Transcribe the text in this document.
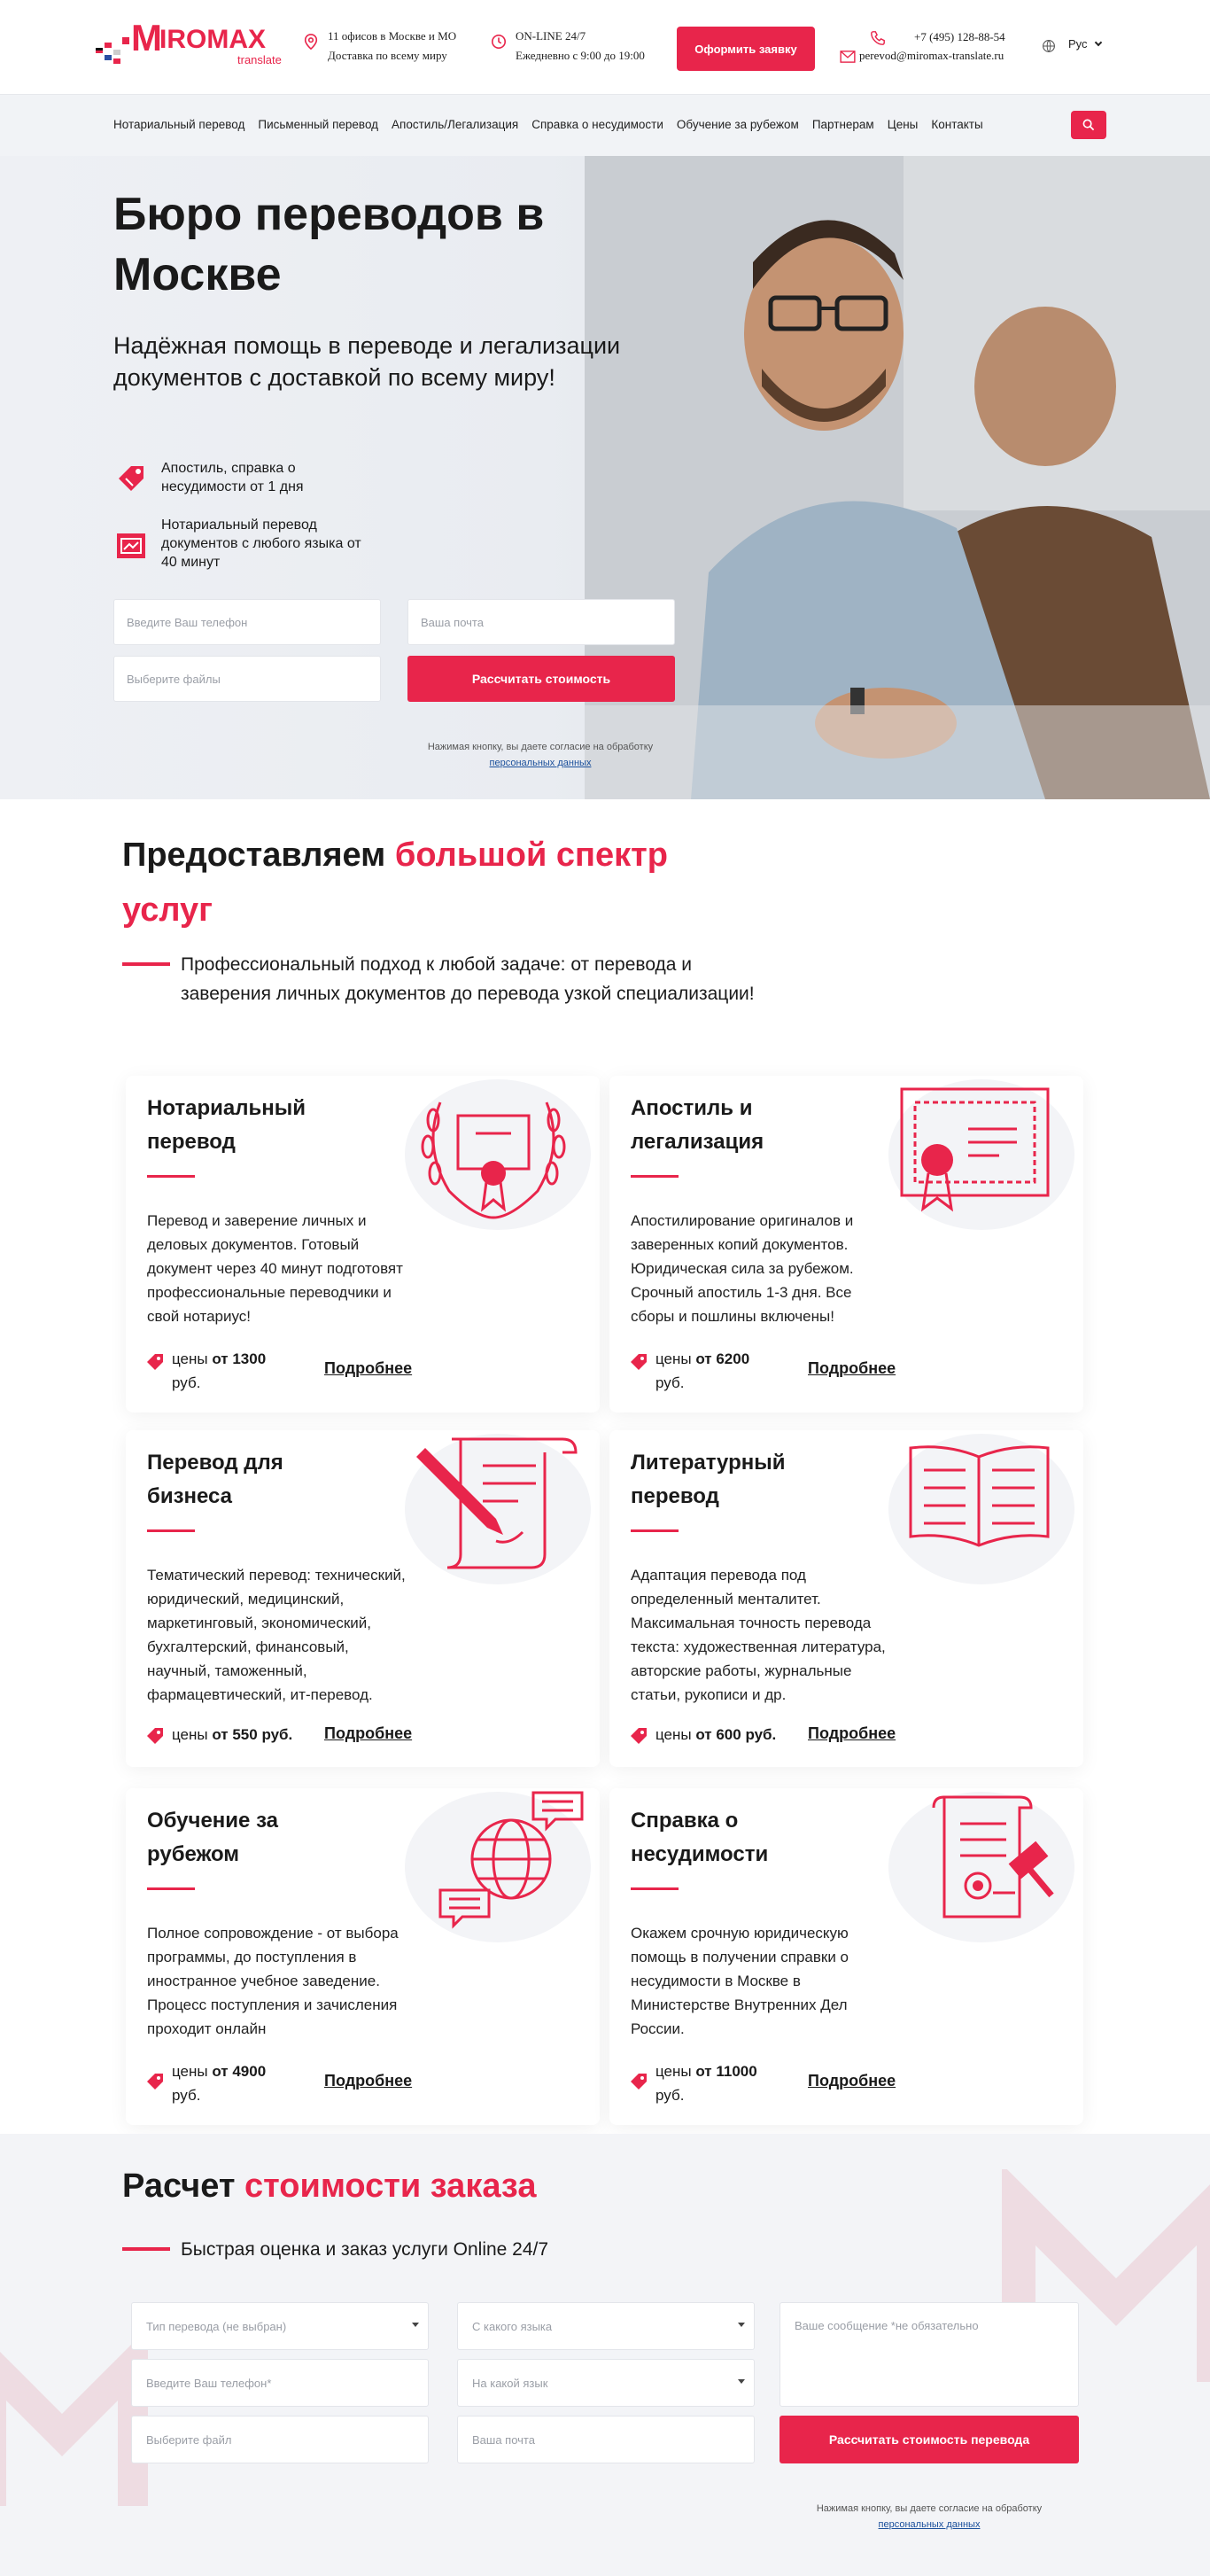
M
IROMAX
translate
11 офисов в Москве и МО
Доставка по всему миру
ON-LINE 24/7
Ежедневно с 9:00 до 19:00	Оформить заявку
+7 (495) 128-88-54
perevod@miromax-translate.ru
Рус
Нотариальный перевод Письменный перевод Апостиль/Легализация Справка о несудимости Обучение за рубежом Партнерам Цены Контакты
Бюро переводов в Москве
Надёжная помощь в переводе и легализации документов с доставкой по всему миру!
Апостиль, справка о несудимости от 1 дня
Нотариальный перевод документов с любого языка от 40 минут
Введите Ваш телефон	Ваша почта
Выберите файлы	Рассчитать стоимость
Нажимая кнопку, вы даете согласие на обработку
персональных данных
Предоставляем большой спектр услуг
Профессиональный подход к любой задаче: от перевода и заверения личных документов до перевода узкой специализации!
Нотариальный перевод
Перевод и заверение личных и деловых документов. Готовый документ через 40 минут подготовят профессиональные переводчики и свой нотариус!
цены от 1300
руб.
Подробнее
Апостиль и легализация
Апостилирование оригиналов и заверенных копий документов. Юридическая сила за рубежом. Срочный апостиль 1-3 дня. Все сборы и пошлины включены!
цены от 6200
руб.
Подробнее
Перевод для бизнеса
Тематический перевод: технический, юридический, медицинский, маркетинговый, экономический, бухгалтерский, финансовый, научный, таможенный, фармацевтический, ит-перевод.
цены от 550 руб.	Подробнее
Литературный перевод
Адаптация перевода под определенный менталитет. Максимальная точность перевода текста: художественная литература, авторские работы, журнальные статьи, рукописи и др.
цены от 600 руб.	Подробнее
Обучение за рубежом
Полное сопровождение - от выбора программы, до поступления в иностранное учебное заведение. Процесс поступления и зачисления проходит онлайн
цены от 4900
руб.
Подробнее
Справка о несудимости
Окажем срочную юридическую помощь в получении справки о несудимости в Москве в Министерстве Внутренних Дел России.
цены от 11000
руб.
Подробнее
Расчет стоимости заказа
Быстрая оценка и заказ услуги Online 24/7
Тип перевода (не выбран)	С какого языка	Ваше сообщение *не обязательно
Введите Ваш телефон*	На какой язык
Выберите файл	Ваша почта	Рассчитать стоимость перевода
Нажимая кнопку, вы даете согласие на обработку
персональных данных
